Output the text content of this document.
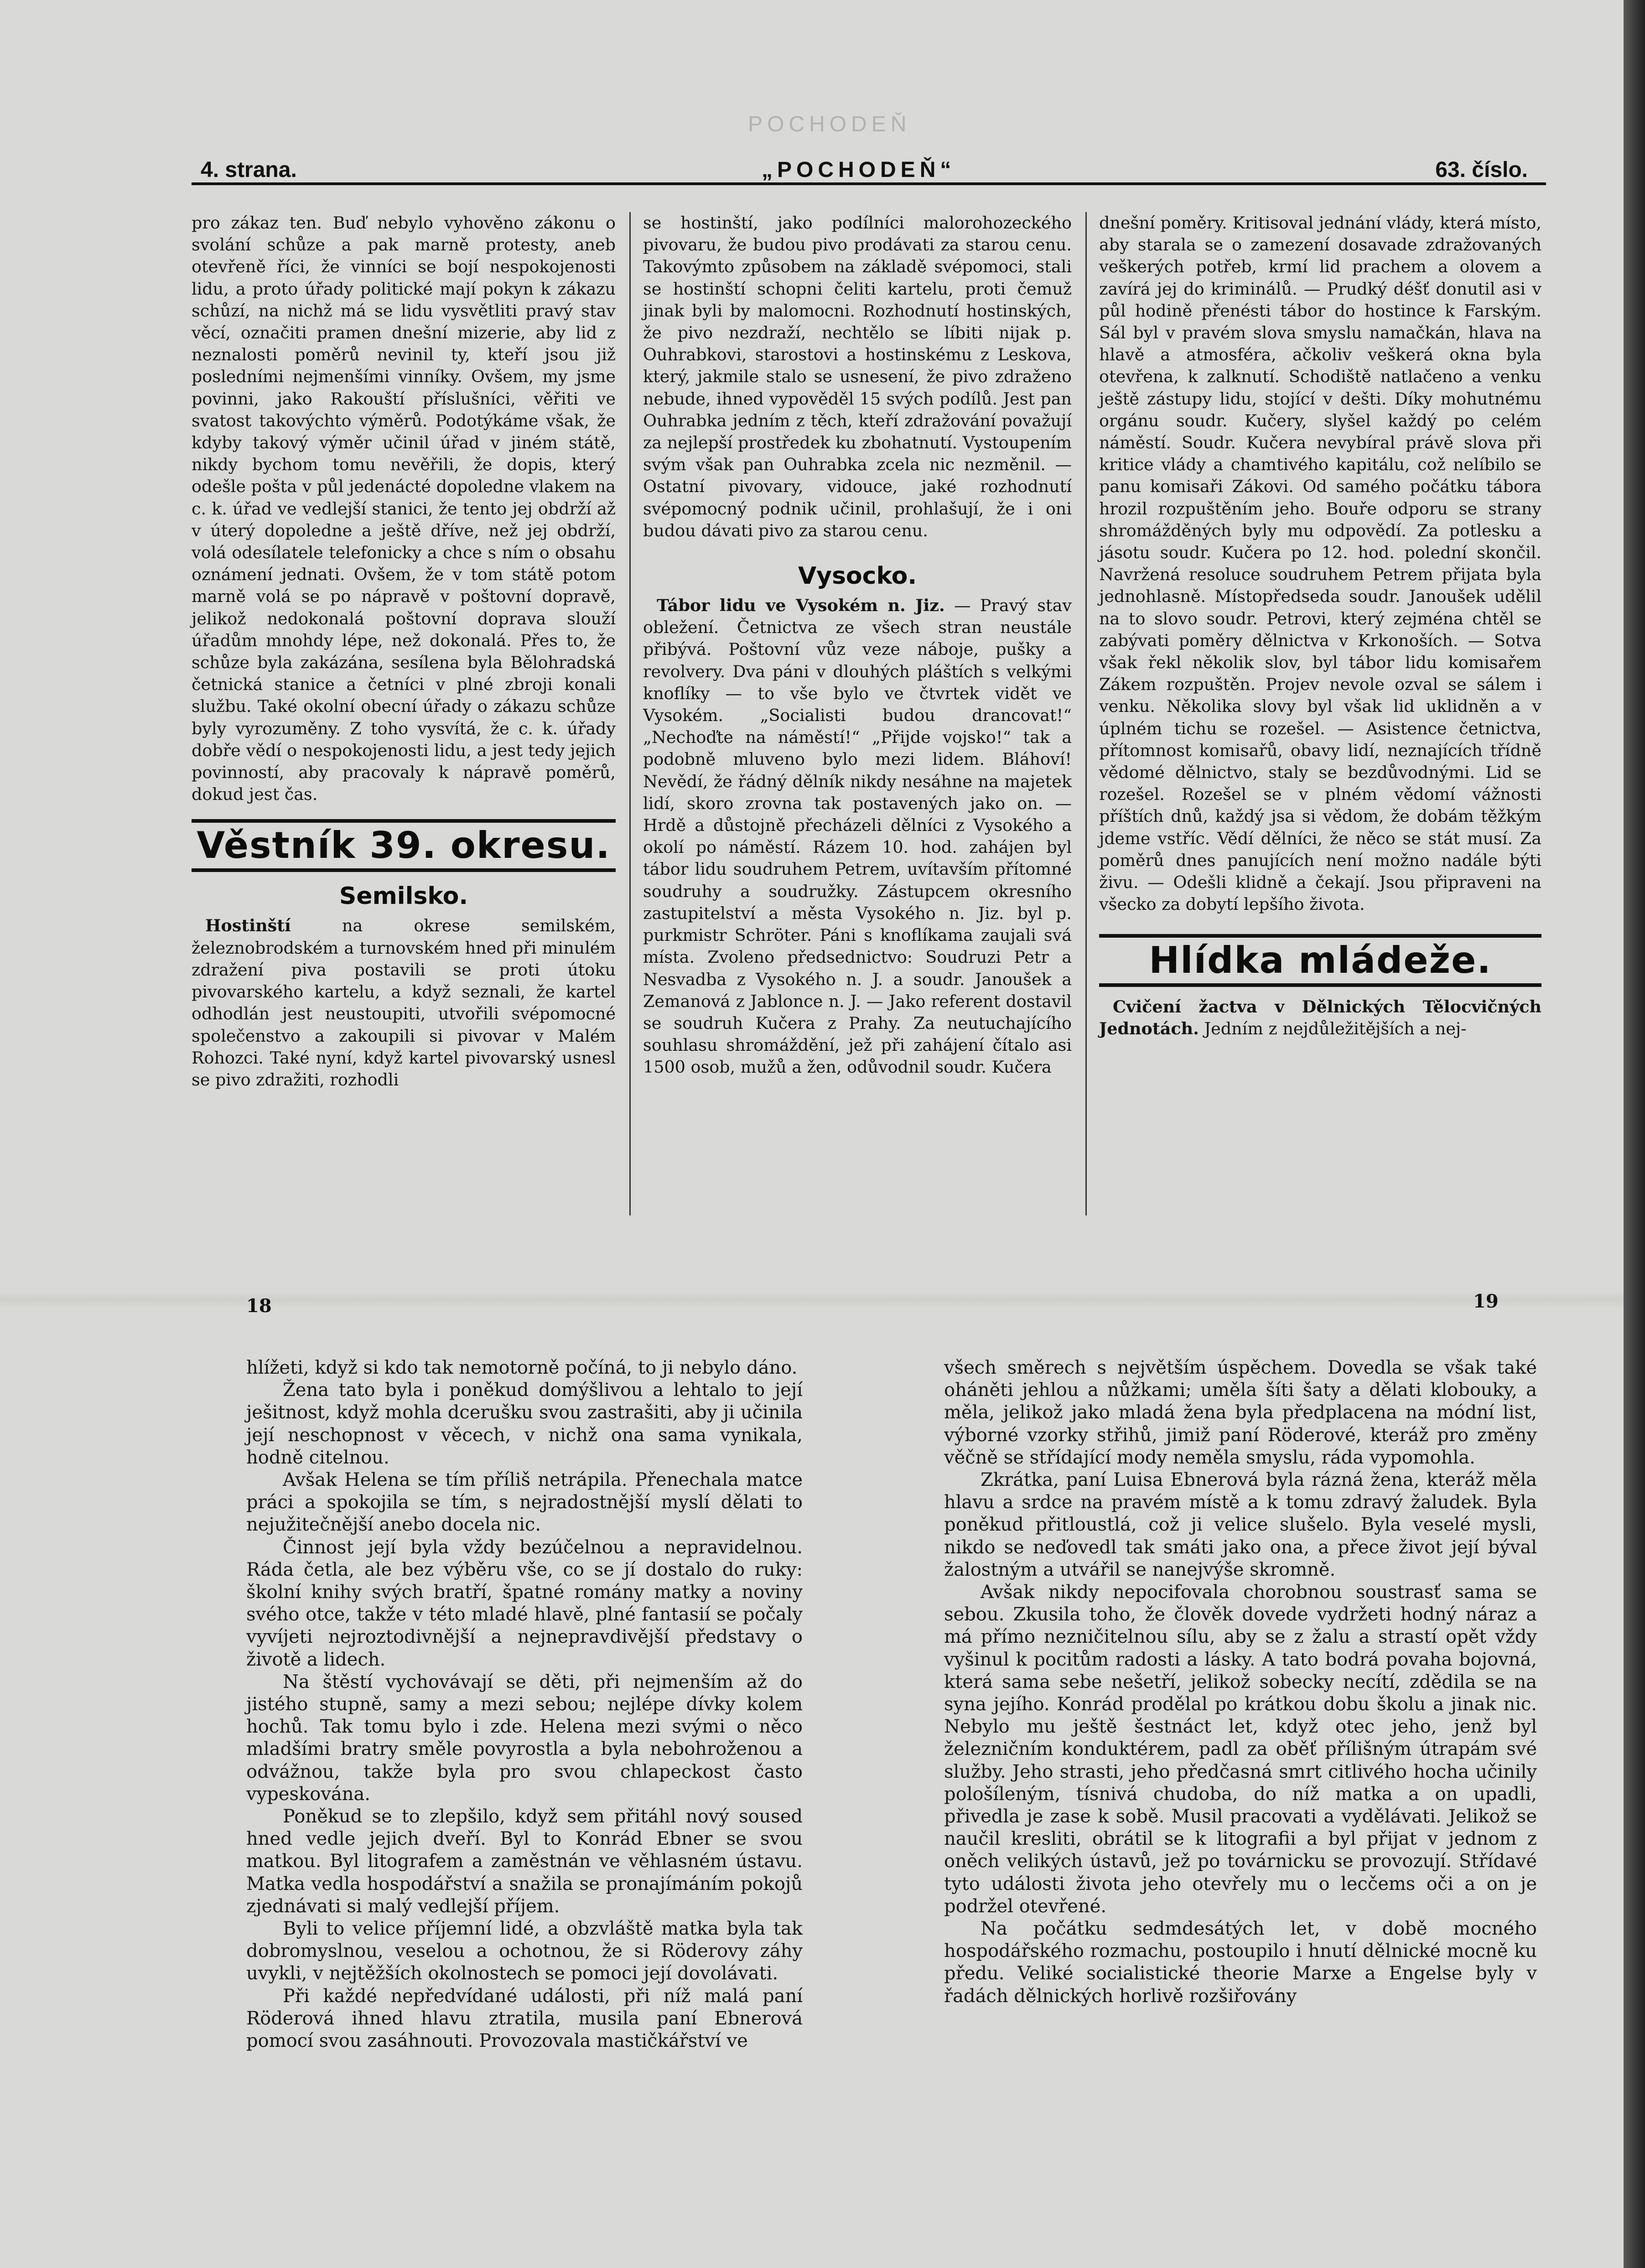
POCHODEŇ
4. strana.	„POCHODEŇ“	63. číslo.

pro zákaz ten. Buď nebylo vyhověno zákonu o svolání schůze a pak marně protesty, aneb otevřeně říci, že vinníci se bojí nespokojenosti lidu, a proto úřady politické mají pokyn k zákazu schůzí, na nichž má se lidu vysvětliti pravý stav věcí, označiti pramen dnešní mizerie, aby lid z neznalosti poměrů nevinil ty, kteří jsou již posledními nejmenšími vinníky. Ovšem, my jsme povinni, jako Rakouští příslušníci, věřiti ve svatost takovýchto výměrů. Podotýkáme však, že kdyby takový výměr učinil úřad v jiném státě, nikdy bychom tomu nevěřili, že dopis, který odešle pošta v půl jedenácté dopoledne vlakem na c. k. úřad ve vedlejší stanici, že tento jej obdrží až v úterý dopoledne a ještě dříve, než jej obdrží, volá odesílatele telefonicky a chce s ním o obsahu oznámení jednati. Ovšem, že v tom státě potom marně volá se po nápravě v poštovní dopravě, jelikož nedokonalá poštovní doprava slouží úřadům mnohdy lépe, než dokonalá. Přes to, že schůze byla zakázána, sesílena byla Bělohradská četnická stanice a četníci v plné zbroji konali službu. Také okolní obecní úřady o zákazu schůze byly vyrozuměny. Z toho vysvítá, že c. k. úřady dobře vědí o nespokojenosti lidu, a jest tedy jejich povinností, aby pracovaly k nápravě poměrů, dokud jest čas.

Věstník 39. okresu.
Semilsko.

Hostinští na okrese semilském, železnobrodském a turnovském hned při minulém zdražení piva postavili se proti útoku pivovarského kartelu, a když seznali, že kartel odhodlán jest neustoupiti, utvořili svépomocné společenstvo a zakoupili si pivovar v Malém Rohozci. Také nyní, když kartel pivovarský usnesl se pivo zdražiti, rozhodli

se hostinští, jako podílníci malorohozeckého pivovaru, že budou pivo prodávati za starou cenu. Takovýmto způsobem na základě svépomoci, stali se hostinští schopni čeliti kartelu, proti čemuž jinak byli by malomocni. Rozhodnutí hostinských, že pivo nezdraží, nechtělo se líbiti nijak p. Ouhrabkovi, starostovi a hostinskému z Leskova, který, jakmile stalo se usnesení, že pivo zdraženo nebude, ihned vypověděl 15 svých podílů. Jest pan Ouhrabka jedním z těch, kteří zdražování považují za nejlepší prostředek ku zbohatnutí. Vystoupením svým však pan Ouhrabka zcela nic nezměnil. — Ostatní pivovary, vidouce, jaké rozhodnutí svépomocný podnik učinil, prohlašují, že i oni budou dávati pivo za starou cenu.

Vysocko.

Tábor lidu ve Vysokém n. Jiz. — Pravý stav obležení. Četnictva ze všech stran neustále přibývá. Poštovní vůz veze náboje, pušky a revolvery. Dva páni v dlouhých pláštích s velkými knoflíky — to vše bylo ve čtvrtek vidět ve Vysokém. „Socialisti budou drancovat!“ „Nechoďte na náměstí!“ „Přijde vojsko!“ tak a podobně mluveno bylo mezi lidem. Bláhoví! Nevědí, že řádný dělník nikdy nesáhne na majetek lidí, skoro zrovna tak postavených jako on. — Hrdě a důstojně přecházeli dělníci z Vysokého a okolí po náměstí. Rázem 10. hod. zahájen byl tábor lidu soudruhem Petrem, uvítavším přítomné soudruhy a soudružky. Zástupcem okresního zastupitelství a města Vysokého n. Jiz. byl p. purkmistr Schröter. Páni s knoflíkama zaujali svá místa. Zvoleno předsednictvo: Soudruzi Petr a Nesvadba z Vysokého n. J. a soudr. Janoušek a Zemanová z Jablonce n. J. — Jako referent dostavil se soudruh Kučera z Prahy. Za neutuchajícího souhlasu shromáždění, jež při zahájení čítalo asi 1500 osob, mužů a žen, odůvodnil soudr. Kučera

dnešní poměry. Kritisoval jednání vlády, která místo, aby starala se o zamezení dosavade zdražovaných veškerých potřeb, krmí lid prachem a olovem a zavírá jej do kriminálů. — Prudký déšť donutil asi v půl hodině přenésti tábor do hostince k Farským. Sál byl v pravém slova smyslu namačkán, hlava na hlavě a atmosféra, ačkoliv veškerá okna byla otevřena, k zalknutí. Schodiště natlačeno a venku ještě zástupy lidu, stojící v dešti. Díky mohutnému orgánu soudr. Kučery, slyšel každý po celém náměstí. Soudr. Kučera nevybíral právě slova při kritice vlády a chamtivého kapitálu, což nelíbilo se panu komisaři Zákovi. Od samého počátku tábora hrozil rozpuštěním jeho. Bouře odporu se strany shromážděných byly mu odpovědí. Za potlesku a jásotu soudr. Kučera po 12. hod. polední skončil. Navržená resoluce soudruhem Petrem přijata byla jednohlasně. Místopředseda soudr. Janoušek udělil na to slovo soudr. Petrovi, který zejména chtěl se zabývati poměry dělnictva v Krkonoších. — Sotva však řekl několik slov, byl tábor lidu komisařem Zákem rozpuštěn. Projev nevole ozval se sálem i venku. Několika slovy byl však lid uklidněn a v úplném tichu se rozešel. — Asistence četnictva, přítomnost komisařů, obavy lidí, neznajících třídně vědomé dělnictvo, staly se bezdůvodnými. Lid se rozešel. Rozešel se v plném vědomí vážnosti příštích dnů, každý jsa si vědom, že dobám těžkým jdeme vstříc. Vědí dělníci, že něco se stát musí. Za poměrů dnes panujících není možno nadále býti živu. — Odešli klidně a čekají. Jsou připraveni na všecko za dobytí lepšího života.

Hlídka mládeže.

Cvičení žactva v Dělnických Tělocvičných Jednotách. Jedním z nejdůležitějších a nej-

18	19

hlížeti, když si kdo tak nemotorně počíná, to ji nebylo dáno.

Žena tato byla i poněkud domýšlivou a lehtalo to její ješitnost, když mohla dcerušku svou zastrašiti, aby ji učinila její neschopnost v věcech, v nichž ona sama vynikala, hodně citelnou.

Avšak Helena se tím příliš netrápila. Přenechala matce práci a spokojila se tím, s nejradostnější myslí dělati to nejužitečnější anebo docela nic.

Činnost její byla vždy bezúčelnou a nepravidelnou. Ráda četla, ale bez výběru vše, co se jí dostalo do ruky: školní knihy svých bratří, špatné romány matky a noviny svého otce, takže v této mladé hlavě, plné fantasií se počaly vyvíjeti nejroztodivnější a nejnepravdivější představy o životě a lidech.

Na štěstí vychovávají se děti, při nejmenším až do jistého stupně, samy a mezi sebou; nejlépe dívky kolem hochů. Tak tomu bylo i zde. Helena mezi svými o něco mladšími bratry směle povyrostla a byla nebohroženou a odvážnou, takže byla pro svou chlapeckost často vypeskována.

Poněkud se to zlepšilo, když sem přitáhl nový soused hned vedle jejich dveří. Byl to Konrád Ebner se svou matkou. Byl litografem a zaměstnán ve věhlasném ústavu. Matka vedla hospodářství a snažila se pronajímáním pokojů zjednávati si malý vedlejší příjem.

Byli to velice příjemní lidé, a obzvláště matka byla tak dobromyslnou, veselou a ochotnou, že si Röderovy záhy uvykli, v nejtěžších okolnostech se pomoci její dovolávati.

Při každé nepředvídané události, při níž malá paní Röderová ihned hlavu ztratila, musila paní Ebnerová pomocí svou zasáhnouti. Provozovala mastičkářství ve

všech směrech s největším úspěchem. Dovedla se však také oháněti jehlou a nůžkami; uměla šíti šaty a dělati klobouky, a měla, jelikož jako mladá žena byla předplacena na módní list, výborné vzorky střihů, jimiž paní Röderové, kteráž pro změny věčně se střídající mody neměla smyslu, ráda vypomohla.

Zkrátka, paní Luisa Ebnerová byla rázná žena, kteráž měla hlavu a srdce na pravém místě a k tomu zdravý žaludek. Byla poněkud přitloustlá, což ji velice slušelo. Byla veselé mysli, nikdo se neďovedl tak smáti jako ona, a přece život její býval žalostným a utvářil se nanejvýše skromně.

Avšak nikdy nepocifovala chorobnou soustrasť sama se sebou. Zkusila toho, že člověk dovede vydržeti hodný náraz a má přímo nezničitelnou sílu, aby se z žalu a strastí opět vždy vyšinul k pocitům radosti a lásky. A tato bodrá povaha bojovná, která sama sebe nešetří, jelikož sobecky necítí, zdědila se na syna jejího. Konrád prodělal po krátkou dobu školu a jinak nic. Nebylo mu ještě šestnáct let, když otec jeho, jenž byl železničním konduktérem, padl za oběť přílišným útrapám své služby. Jeho strasti, jeho předčasná smrt citlivého hocha učinily pološíleným, tísnivá chudoba, do níž matka a on upadli, přivedla je zase k sobě. Musil pracovati a vydělávati. Jelikož se naučil kresliti, obrátil se k litografii a byl přijat v jednom z oněch velikých ústavů, jež po továrnicku se provozují. Střídavé tyto události života jeho otevřely mu o lecčems oči a on je podržel otevřené.

Na počátku sedmdesátých let, v době mocného hospodářského rozmachu, postoupilo i hnutí dělnické mocně ku předu. Veliké socialistické theorie Marxe a Engelse byly v řadách dělnických horlivě rozšiřovány
